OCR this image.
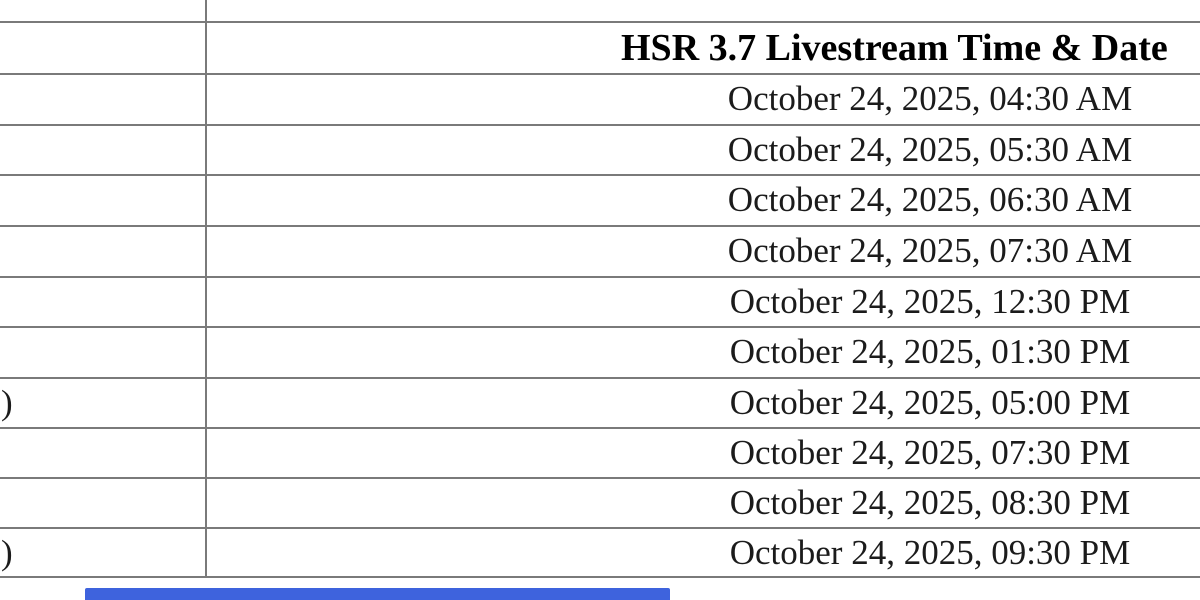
HSR 3.7 Livestream Time & Date
October 24, 2025, 04:30 AM
October 24, 2025, 05:30 AM
October 24, 2025, 06:30 AM
October 24, 2025, 07:30 AM
October 24, 2025, 12:30 PM
October 24, 2025, 01:30 PM
October 24, 2025, 05:00 PM
)
October 24, 2025, 07:30 PM
October 24, 2025, 08:30 PM
October 24, 2025, 09:30 PM
)
